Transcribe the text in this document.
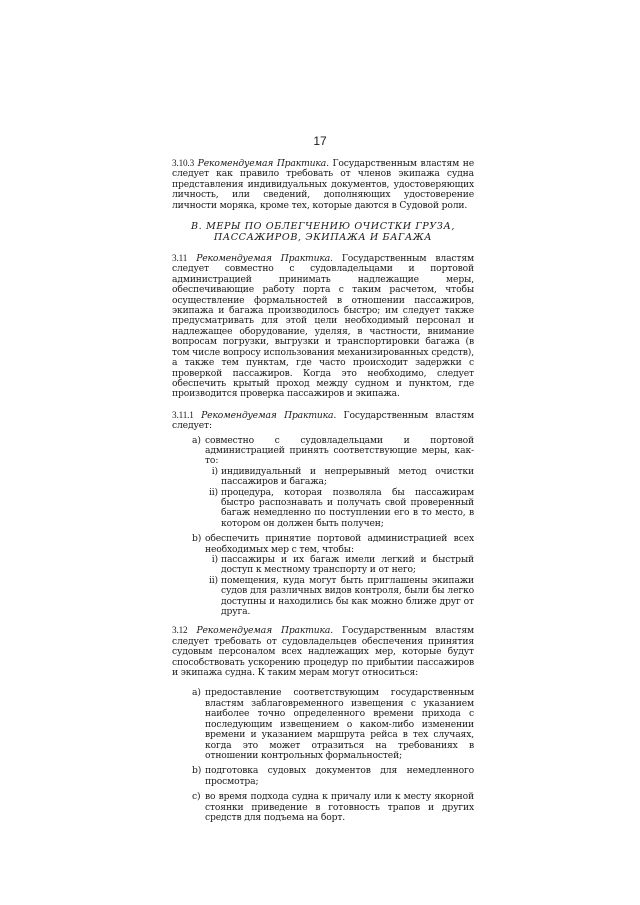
17

3.10.3 Рекомендуемая Практика. Государственным властям не следует как правило требовать от членов экипажа судна представления индивидуальных документов, удостоверяющих личность, или сведений, дополняющих удостоверение личности моряка, кроме тех, которые даются в Судовой роли.

B. МЕРЫ ПО ОБЛЕГЧЕНИЮ ОЧИСТКИ ГРУЗА,
ПАССАЖИРОВ, ЭКИПАЖА И БАГАЖА

3.11 Рекомендуемая Практика. Государственным властям следует совместно с судовладельцами и портовой администрацией принимать надлежащие меры, обеспечивающие работу порта с таким расчетом, чтобы осуществление формальностей в отношении пассажиров, экипажа и багажа производилось быстро; им следует также предусматривать для этой цели необходимый персонал и надлежащее оборудование, уделяя, в частности, внимание вопросам погрузки, выгрузки и транспортировки багажа (в том числе вопросу использования механизированных средств), а также тем пунктам, где часто происходит задержки с проверкой пассажиров. Когда это необходимо, следует обеспечить крытый проход между судном и пунктом, где производится проверка пассажиров и экипажа.

3.11.1 Рекомендуемая Практика. Государственным властям следует:

a) совместно с судовладельцами и портовой администрацией принять соответствующие меры, как-то:
i) индивидуальный и непрерывный метод очистки пассажиров и багажа;
ii) процедура, которая позволяла бы пассажирам быстро распознавать и получать свой проверенный багаж немедленно по поступлении его в то место, в котором он должен быть получен;
b) обеспечить принятие портовой администрацией всех необходимых мер с тем, чтобы:
i) пассажиры и их багаж имели легкий и быстрый доступ к местному транспорту и от него;
ii) помещения, куда могут быть приглашены экипажи судов для различных видов контроля, были бы легко доступны и находились бы как можно ближе друг от друга.

3.12 Рекомендуемая Практика. Государственным властям следует требовать от судовладельцев обеспечения принятия судовым персоналом всех надлежащих мер, которые будут способствовать ускорению процедур по прибытии пассажиров и экипажа судна. К таким мерам могут относиться:

a) предоставление соответствующим государственным властям заблаговременного извещения с указанием наиболее точно определенного времени прихода с последующим извещением о каком-либо изменении времени и указанием маршрута рейса в тех случаях, когда это может отразиться на требованиях в отношении контрольных формальностей;
b) подготовка судовых документов для немедленного просмотра;
c) во время подхода судна к причалу или к месту якорной стоянки приведение в готовность трапов и других средств для подъема на борт.
